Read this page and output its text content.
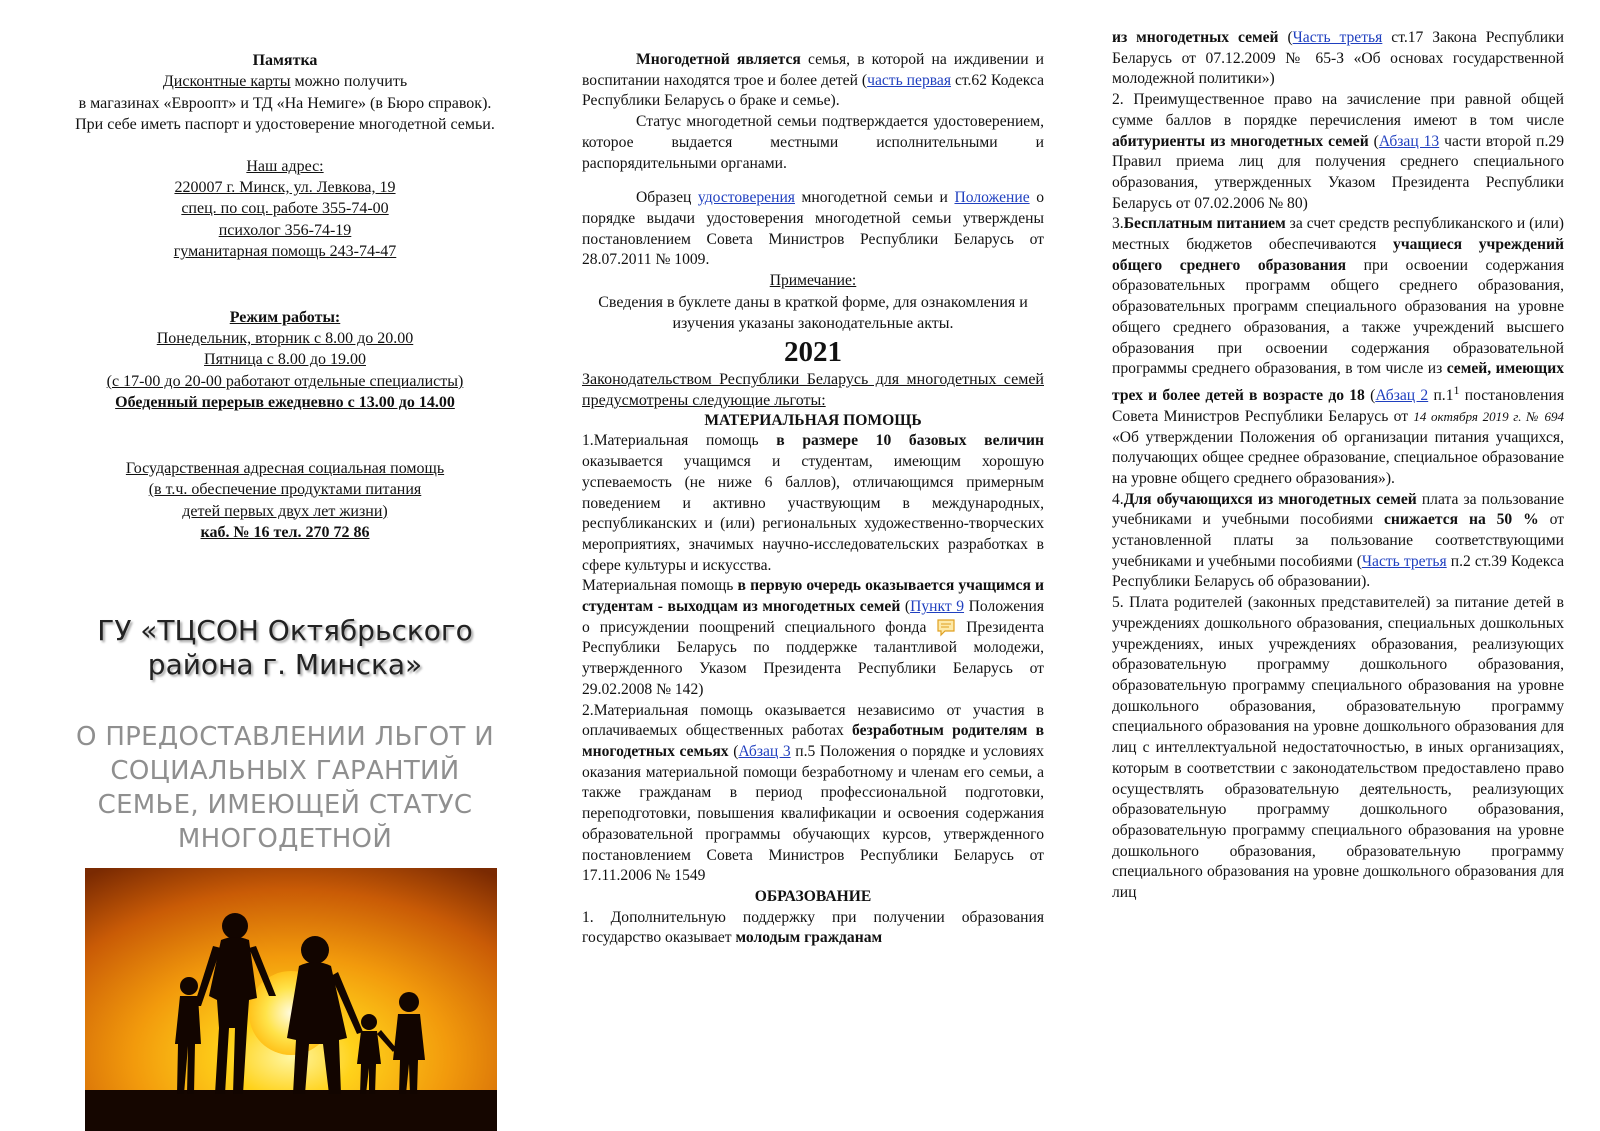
Памятка

Дисконтные карты можно получить

в магазинах «Евроопт» и ТД «На Немиге» (в Бюро справок). При себе иметь паспорт и удостоверение многодетной семьи.

Наш адрес:

220007 г. Минск, ул. Левкова, 19

спец. по соц. работе 355-74-00

психолог 356-74-19

гуманитарная помощь 243-74-47

Режим работы:

Понедельник, вторник с 8.00 до 20.00

Пятница с 8.00 до 19.00

(с 17-00 до 20-00 работают отдельные специалисты)

Обеденный перерыв ежедневно с 13.00 до 14.00

Государственная адресная социальная помощь

(в т.ч. обеспечение продуктами питания

детей первых двух лет жизни)

каб. № 16 тел. 270 72 86

ГУ «ТЦСОН Октябрьского

района г. Минска»

О ПРЕДОСТАВЛЕНИИ ЛЬГОТ И

СОЦИАЛЬНЫХ ГАРАНТИЙ

СЕМЬЕ, ИМЕЮЩЕЙ СТАТУС

МНОГОДЕТНОЙ

Многодетной является семья, в которой на иждивении и воспитании находятся трое и более детей (часть первая ст.62 Кодекса Республики Беларусь о браке и семье).

Статус многодетной семьи подтверждается удостоверением, которое выдается местными исполнительными и распорядительными органами.

Образец удостоверения многодетной семьи и Положение о порядке выдачи удостоверения многодетной семьи утверждены постановлением Совета Министров Республики Беларусь от 28.07.2011 № 1009.

Примечание:

Сведения в буклете даны в краткой форме, для ознакомления и изучения указаны законодательные акты.

2021

Законодательством Республики Беларусь для многодетных семей предусмотрены следующие льготы:

МАТЕРИАЛЬНАЯ ПОМОЩЬ

1.Материальная помощь в размере 10 базовых величин оказывается учащимся и студентам, имеющим хорошую успеваемость (не ниже 6 баллов), отличающимся примерным поведением и активно участвующим в международных, республиканских и (или) региональных художественно-творческих мероприятиях, значимых научно-исследовательских разработках в сфере культуры и искусства.

Материальная помощь в первую очередь оказывается учащимся и студентам - выходцам из многодетных семей (Пункт 9 Положения о присуждении поощрений специального фонда  Президента Республики Беларусь по поддержке талантливой молодежи, утвержденного Указом Президента Республики Беларусь от 29.02.2008 № 142)

2.Материальная помощь оказывается независимо от участия в оплачиваемых общественных работах безработным родителям в многодетных семьях (Абзац 3 п.5 Положения о порядке и условиях оказания материальной помощи безработному и членам его семьи, а также гражданам в период профессиональной подготовки, переподготовки, повышения квалификации и освоения содержания образовательной программы обучающих курсов, утвержденного постановлением Совета Министров Республики Беларусь от 17.11.2006 № 1549

ОБРАЗОВАНИЕ

1. Дополнительную поддержку при получении образования государство оказывает молодым гражданам

из многодетных семей (Часть третья ст.17 Закона Республики Беларусь от 07.12.2009 № 65-З «Об основах государственной молодежной политики»)

2. Преимущественное право на зачисление при равной общей сумме баллов в порядке перечисления имеют в том числе абитуриенты из многодетных семей (Абзац 13 части второй п.29 Правил приема лиц для получения среднего специального образования, утвержденных Указом Президента Республики Беларусь от 07.02.2006 № 80)

3.Бесплатным питанием за счет средств республиканского и (или) местных бюджетов обеспечиваются учащиеся учреждений общего среднего образования при освоении содержания образовательных программ общего среднего образования, образовательных программ специального образования на уровне общего среднего образования, а также учреждений высшего образования при освоении содержания образовательной программы среднего образования, в том числе из семей, имеющих трех и более детей в возрасте до 18 (Абзац 2 $п.1^1$ постановления Совета Министров Республики Беларусь от 14 октября 2019 г. № 694 «Об утверждении Положения об организации питания учащихся, получающих общее среднее образование, специальное образование на уровне общего среднего образования»).

4.Для обучающихся из многодетных семей плата за пользование учебниками и учебными пособиями снижается на 50 % от установленной платы за пользование соответствующими учебниками и учебными пособиями (Часть третья п.2 ст.39 Кодекса Республики Беларусь об образовании).

5. Плата родителей (законных представителей) за питание детей в учреждениях дошкольного образования, специальных дошкольных учреждениях, иных учреждениях образования, реализующих образовательную программу дошкольного образования, образовательную программу специального образования на уровне дошкольного образования, образовательную программу специального образования на уровне дошкольного образования для лиц с интеллектуальной недостаточностью, в иных организациях, которым в соответствии с законодательством предоставлено право осуществлять образовательную деятельность, реализующих образовательную программу дошкольного образования, образовательную программу специального образования на уровне дошкольного образования, образовательную программу специального образования на уровне дошкольного образования для лиц
